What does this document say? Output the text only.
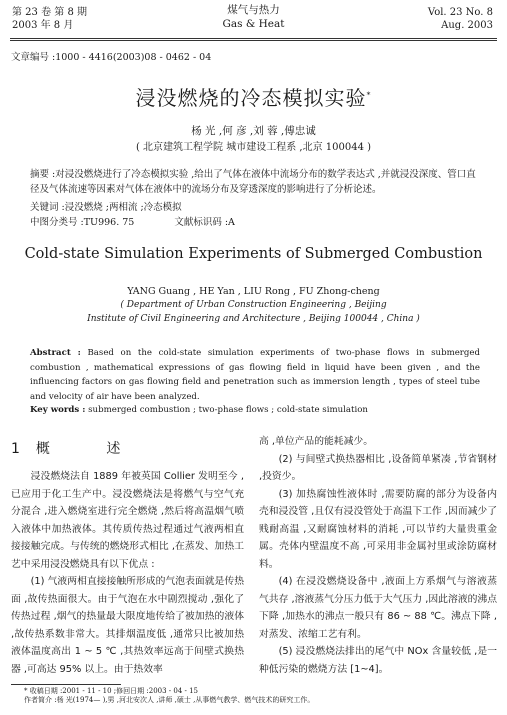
第 23 卷 第 8 期
2003 年 8 月
煤气与热力
Gas & Heat
Vol. 23 No. 8
Aug. 2003
文章编号 :1000 - 4416(2003)08 - 0462 - 04
浸没燃烧的冷态模拟实验*
杨 光 ,何 彦 ,刘 蓉 ,傅忠诚
( 北京建筑工程学院 城市建设工程系 ,北京 100044 )
摘要 :对浸没燃烧进行了冷态模拟实验 ,给出了气体在液体中流场分布的数学表达式 ,并就浸没深度、管口直径及气体流速等因素对气体在液体中的流场分布及穿透深度的影响进行了分析论述。
关键词 :浸没燃烧 ;两相流 ;冷态模拟
中图分类号 :TU996. 75	文献标识码 :A
Cold-state Simulation Experiments of Submerged Combustion
YANG Guang , HE Yan , LIU Rong , FU Zhong-cheng
( Department of Urban Construction Engineering , Beijing
Institute of Civil Engineering and Architecture , Beijing 100044 , China )
Abstract : Based on the cold-state simulation experiments of two-phase flows in submerged combustion , mathematical expressions of gas flowing field in liquid have been given , and the influencing factors on gas flowing field and penetration such as immersion length , types of steel tube and velocity of air have been analyzed.
Key words : submerged combustion ; two-phase flows ; cold-state simulation
1 概 述

浸没燃烧法自 1889 年被英国 Collier 发明至今 ,已应用于化工生产中。浸没燃烧法是将燃气与空气充分混合 ,进入燃烧室进行完全燃烧 ,然后将高温烟气喷入液体中加热液体。其传质传热过程通过气液两相直接接触完成。与传统的燃烧形式相比 ,在蒸发、加热工艺中采用浸没燃烧具有以下优点 :

(1) 气液两相直接接触所形成的气泡表面就是传热面 ,故传热面很大。由于气泡在水中剧烈搅动 ,强化了传热过程 ,烟气的热量最大限度地传给了被加热的液体 ,故传热系数非常大。其排烟温度低 ,通常只比被加热液体温度高出 1 ~ 5 ℃ ,其热效率远高于间壁式换热器 ,可高达 95% 以上。由于热效率

高 ,单位产品的能耗减少。

(2) 与间壁式换热器相比 ,设备简单紧凑 ,节省钢材 ,投资少。

(3) 加热腐蚀性液体时 ,需要防腐的部分为设备内壳和浸没管 ,且仅有浸没管处于高温下工作 ,因而减少了贱耐高温 ,又耐腐蚀材料的消耗 ,可以节约大量贵重金属。壳体内壁温度不高 ,可采用非金属衬里或涂防腐材料。

(4) 在浸没燃烧设备中 ,液面上方系烟气与溶液蒸气共存 ,溶液蒸气分压力低于大气压力 ,因此溶液的沸点下降 ,加热水的沸点一般只有 86 ~ 88 ℃。沸点下降 ,对蒸发、浓缩工艺有利。

(5) 浸没燃烧法排出的尾气中 NOx 含量较低 ,是一种低污染的燃烧方法 [1~4]。

* 收稿日期 :2001 - 11 - 10 ;修回日期 :2003 - 04 - 15
作者简介 :杨 光(1974— ),男 ,河北安次人 ,讲师 ,硕士 ,从事燃气教学、燃气技术的研究工作。
